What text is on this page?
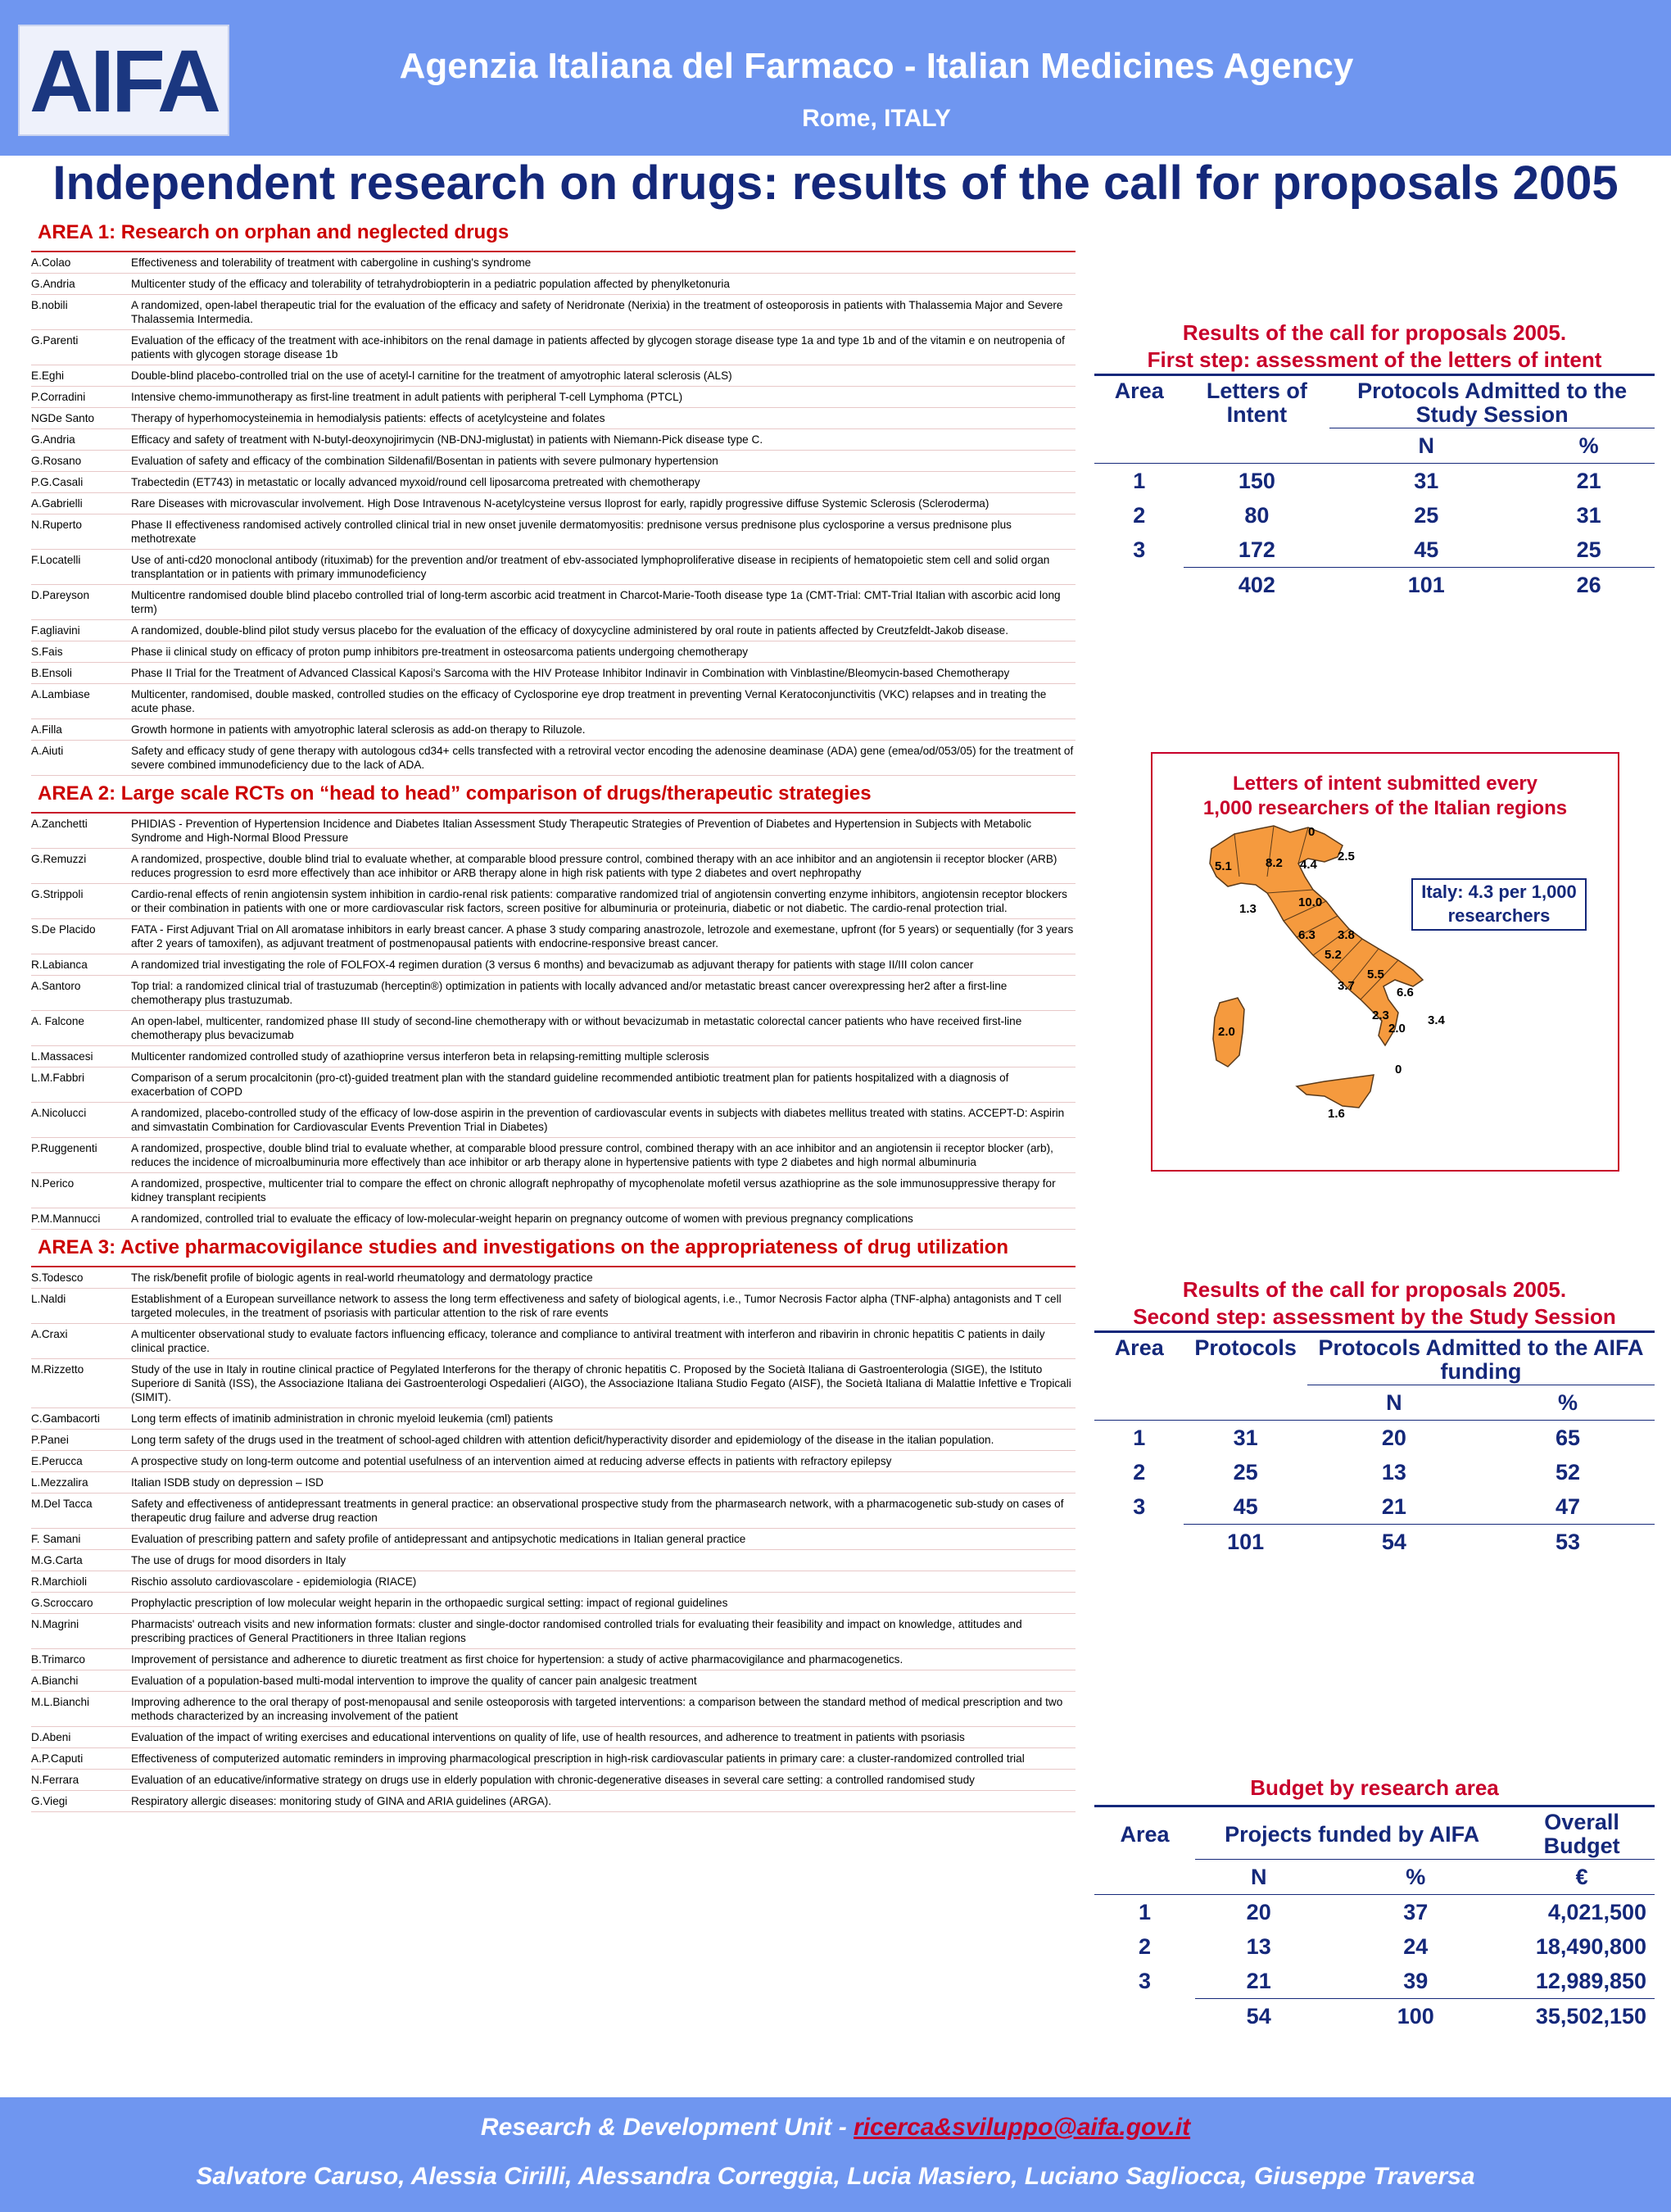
AIFA	Agenzia Italiana del Farmaco - Italian Medicines Agency
Rome, ITALY
Independent research on drugs: results of the call for proposals 2005
AREA 1: Research on orphan and neglected drugs
A.Colao	Effectiveness and tolerability of treatment with cabergoline in cushing's syndrome
G.Andria	Multicenter study of the efficacy and tolerability of tetrahydrobiopterin in a pediatric population affected by phenylketonuria
B.nobili	A randomized, open-label therapeutic trial for the evaluation of the efficacy and safety of Neridronate (Nerixia) in the treatment of osteoporosis in patients with Thalassemia Major and Severe Thalassemia Intermedia.
G.Parenti	Evaluation of the efficacy of the treatment with ace-inhibitors on the renal damage in patients affected by glycogen storage disease type 1a and type 1b and of the vitamin e on neutropenia of patients with glycogen storage disease 1b
E.Eghi	Double-blind placebo-controlled trial on the use of acetyl-l carnitine for the treatment of amyotrophic lateral sclerosis (ALS)
P.Corradini	Intensive chemo-immunotherapy as first-line treatment in adult patients with peripheral T-cell Lymphoma (PTCL)
NGDe Santo	Therapy of hyperhomocysteinemia in hemodialysis patients: effects of acetylcysteine and folates
G.Andria	Efficacy and safety of treatment with N-butyl-deoxynojirimycin (NB-DNJ-miglustat) in patients with Niemann-Pick disease type C.
G.Rosano	Evaluation of safety and efficacy of the combination Sildenafil/Bosentan in patients with severe pulmonary hypertension
P.G.Casali	Trabectedin (ET743) in metastatic or locally advanced myxoid/round cell liposarcoma pretreated with chemotherapy
A.Gabrielli	Rare Diseases with microvascular involvement. High Dose Intravenous N-acetylcysteine versus Iloprost for early, rapidly progressive diffuse Systemic Sclerosis (Scleroderma)
N.Ruperto	Phase II effectiveness randomised actively controlled clinical trial in new onset juvenile dermatomyositis: prednisone versus prednisone plus cyclosporine a versus prednisone plus methotrexate
F.Locatelli	Use of anti-cd20 monoclonal antibody (rituximab) for the prevention and/or treatment of ebv-associated lymphoproliferative disease in recipients of hematopoietic stem cell and solid organ transplantation or in patients with primary immunodeficiency
D.Pareyson	Multicentre randomised double blind placebo controlled trial of long-term ascorbic acid treatment in Charcot-Marie-Tooth disease type 1a (CMT-Trial: CMT-Trial Italian with ascorbic acid long term)
F.agliavini	A randomized, double-blind pilot study versus placebo for the evaluation of the efficacy of doxycycline administered by oral route in patients affected by Creutzfeldt-Jakob disease.
S.Fais	Phase ii clinical study on efficacy of proton pump inhibitors pre-treatment in osteosarcoma patients undergoing chemotherapy
B.Ensoli	Phase II Trial for the Treatment of Advanced Classical Kaposi's Sarcoma with the HIV Protease Inhibitor Indinavir in Combination with Vinblastine/Bleomycin-based Chemotherapy
A.Lambiase	Multicenter, randomised, double masked, controlled studies on the efficacy of Cyclosporine eye drop treatment in preventing Vernal Keratoconjunctivitis (VKC) relapses and in treating the acute phase.
A.Filla	Growth hormone in patients with amyotrophic lateral sclerosis as add-on therapy to Riluzole.
A.Aiuti	Safety and efficacy study of gene therapy with autologous cd34+ cells transfected with a retroviral vector encoding the adenosine deaminase (ADA) gene (emea/od/053/05) for the treatment of severe combined immunodeficiency due to the lack of ADA.
AREA 2: Large scale RCTs on “head to head” comparison of drugs/therapeutic strategies
A.Zanchetti	PHIDIAS - Prevention of Hypertension Incidence and Diabetes Italian Assessment Study Therapeutic Strategies of Prevention of Diabetes and Hypertension in Subjects with Metabolic Syndrome and High-Normal Blood Pressure
G.Remuzzi	A randomized, prospective, double blind trial to evaluate whether, at comparable blood pressure control, combined therapy with an ace inhibitor and an angiotensin ii receptor blocker (ARB) reduces progression to esrd more effectively than ace inhibitor or ARB therapy alone in high risk patients with type 2 diabetes and overt nephropathy
G.Strippoli	Cardio-renal effects of renin angiotensin system inhibition in cardio-renal risk patients: comparative randomized trial of angiotensin converting enzyme inhibitors, angiotensin receptor blockers or their combination in patients with one or more cardiovascular risk factors, screen positive for albuminuria or proteinuria, diabetic or not diabetic. The cardio-renal protection trial.
S.De Placido	FATA - First Adjuvant Trial on All aromatase inhibitors in early breast cancer. A phase 3 study comparing anastrozole, letrozole and exemestane, upfront (for 5 years) or sequentially (for 3 years after 2 years of tamoxifen), as adjuvant treatment of postmenopausal patients with endocrine-responsive breast cancer.
R.Labianca	A randomized trial investigating the role of FOLFOX-4 regimen duration (3 versus 6 months) and bevacizumab as adjuvant therapy for patients with stage II/III colon cancer
A.Santoro	Top trial: a randomized clinical trial of trastuzumab (herceptin®) optimization in patients with locally advanced and/or metastatic breast cancer overexpressing her2 after a first-line chemotherapy plus trastuzumab.
A. Falcone	An open-label, multicenter, randomized phase III study of second-line chemotherapy with or without bevacizumab in metastatic colorectal cancer patients who have received first-line chemotherapy plus bevacizumab
L.Massacesi	Multicenter randomized controlled study of azathioprine versus interferon beta in relapsing-remitting multiple sclerosis
L.M.Fabbri	Comparison of a serum procalcitonin (pro-ct)-guided treatment plan with the standard guideline recommended antibiotic treatment plan for patients hospitalized with a diagnosis of exacerbation of COPD
A.Nicolucci	A randomized, placebo-controlled study of the efficacy of low-dose aspirin in the prevention of cardiovascular events in subjects with diabetes mellitus treated with statins. ACCEPT-D: Aspirin and simvastatin Combination for Cardiovascular Events Prevention Trial in Diabetes)
P.Ruggenenti	A randomized, prospective, double blind trial to evaluate whether, at comparable blood pressure control, combined therapy with an ace inhibitor and an angiotensin ii receptor blocker (arb), reduces the incidence of microalbuminuria more effectively than ace inhibitor or arb therapy alone in hypertensive patients with type 2 diabetes and high normal albuminuria
N.Perico	A randomized, prospective, multicenter trial to compare the effect on chronic allograft nephropathy of mycophenolate mofetil versus azathioprine as the sole immunosuppressive therapy for kidney transplant recipients
P.M.Mannucci	A randomized, controlled trial to evaluate the efficacy of low-molecular-weight heparin on pregnancy outcome of women with previous pregnancy complications
AREA 3: Active pharmacovigilance studies and investigations on the appropriateness of drug utilization
S.Todesco	The risk/benefit profile of biologic agents in real-world rheumatology and dermatology practice
L.Naldi	Establishment of a European surveillance network to assess the long term effectiveness and safety of biological agents, i.e., Tumor Necrosis Factor alpha (TNF-alpha) antagonists and T cell targeted molecules, in the treatment of psoriasis with particular attention to the risk of rare events
A.Craxi	A multicenter observational study to evaluate factors influencing efficacy, tolerance and compliance to antiviral treatment with interferon and ribavirin in chronic hepatitis C patients in daily clinical practice.
M.Rizzetto	Study of the use in Italy in routine clinical practice of Pegylated Interferons for the therapy of chronic hepatitis C. Proposed by the Società Italiana di Gastroenterologia (SIGE), the Istituto Superiore di Sanità (ISS), the Associazione Italiana dei Gastroenterologi Ospedalieri (AIGO), the Associazione Italiana Studio Fegato (AISF), the Società Italiana di Malattie Infettive e Tropicali (SIMIT).
C.Gambacorti	Long term effects of imatinib administration in chronic myeloid leukemia (cml) patients
P.Panei	Long term safety of the drugs used in the treatment of school-aged children with attention deficit/hyperactivity disorder and epidemiology of the disease in the italian population.
E.Perucca	A prospective study on long-term outcome and potential usefulness of an intervention aimed at reducing adverse effects in patients with refractory epilepsy
L.Mezzalira	Italian ISDB study on depression – ISD
M.Del Tacca	Safety and effectiveness of antidepressant treatments in general practice: an observational prospective study from the pharmasearch network, with a pharmacogenetic sub-study on cases of therapeutic drug failure and adverse drug reaction
F. Samani	Evaluation of prescribing pattern and safety profile of antidepressant and antipsychotic medications in Italian general practice
M.G.Carta	The use of drugs for mood disorders in Italy
R.Marchioli	Rischio assoluto cardiovascolare - epidemiologia (RIACE)
G.Scroccaro	Prophylactic prescription of low molecular weight heparin in the orthopaedic surgical setting: impact of regional guidelines
N.Magrini	Pharmacists' outreach visits and new information formats: cluster and single-doctor randomised controlled trials for evaluating their feasibility and impact on knowledge, attitudes and prescribing practices of General Practitioners in three Italian regions
B.Trimarco	Improvement of persistance and adherence to diuretic treatment as first choice for hypertension: a study of active pharmacovigilance and pharmacogenetics.
A.Bianchi	Evaluation of a population-based multi-modal intervention to improve the quality of cancer pain analgesic treatment
M.L.Bianchi	Improving adherence to the oral therapy of post-menopausal and senile osteoporosis with targeted interventions: a comparison between the standard method of medical prescription and two methods characterized by an increasing involvement of the patient
D.Abeni	Evaluation of the impact of writing exercises and educational interventions on quality of life, use of health resources, and adherence to treatment in patients with psoriasis
A.P.Caputi	Effectiveness of computerized automatic reminders in improving pharmacological prescription in high-risk cardiovascular patients in primary care: a cluster-randomized controlled trial
N.Ferrara	Evaluation of an educative/informative strategy on drugs use in elderly population with chronic-degenerative diseases in several care setting: a controlled randomised study
G.Viegi	Respiratory allergic diseases: monitoring study of GINA and ARIA guidelines (ARGA).
Results of the call for proposals 2005.
First step: assessment of the letters of intent
Area	Letters of Intent	Protocols Admitted to the Study Session	
		N	%
1	150	31	21
2	80	25	31
3	172	45	25
	402	101	26
Letters of intent submitted every
1,000 researchers of the Italian regions
0
5.1	8.2 4.4
2.5
1.3	10.0
6.3 3.8
5.2
5.5
3.7	6.6
2.0
2.3	3.4
2.0
0
1.6
Italy: 4.3 per 1,000
researchers
Results of the call for proposals 2005.
Second step: assessment by the Study Session
Area	Protocols	Protocols Admitted to the AIFA funding	
		N	%
1	31	20	65
2	25	13	52
3	45	21	47
	101	54	53
Budget by research area
Area	Projects funded by AIFA		Overall Budget
	N	%	€
1	20	37	4,021,500
2	13	24	18,490,800
3	21	39	12,989,850
	54	100	35,502,150
Research & Development Unit - ricerca&sviluppo@aifa.gov.it
Salvatore Caruso, Alessia Cirilli, Alessandra Correggia, Lucia Masiero, Luciano Sagliocca, Giuseppe Traversa
